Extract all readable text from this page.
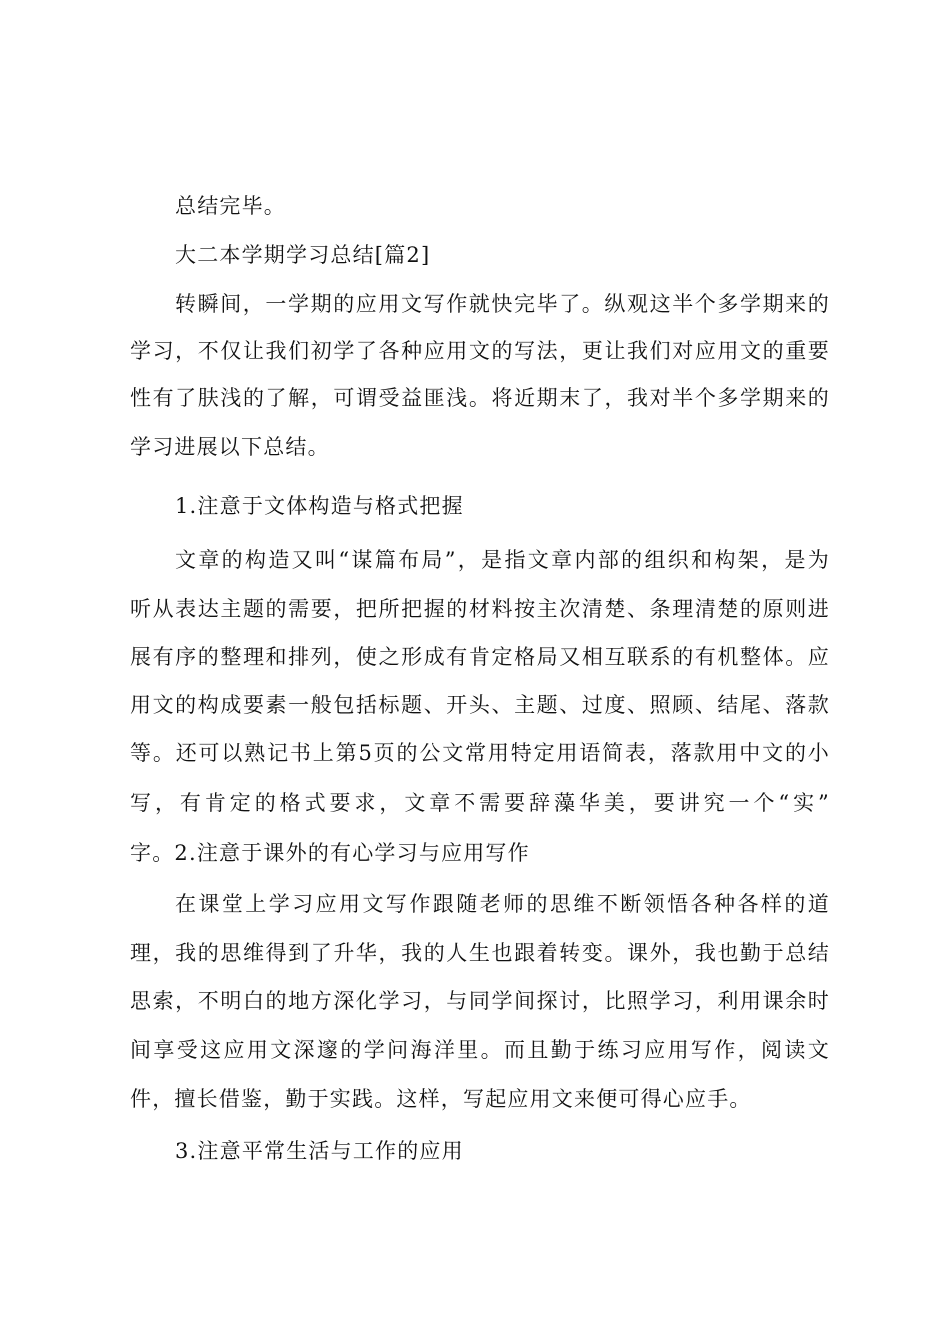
总结完毕。
大二本学期学习总结[篇2]
转瞬间，一学期的应用文写作就快完毕了。纵观这半个多学期来的
学习，不仅让我们初学了各种应用文的写法，更让我们对应用文的重要
性有了肤浅的了解，可谓受益匪浅。将近期末了，我对半个多学期来的
学习进展以下总结。
1.注意于文体构造与格式把握
文章的构造又叫“谋篇布局”，是指文章内部的组织和构架，是为
听从表达主题的需要，把所把握的材料按主次清楚、条理清楚的原则进
展有序的整理和排列，使之形成有肯定格局又相互联系的有机整体。应
用文的构成要素一般包括标题、开头、主题、过度、照顾、结尾、落款
等。还可以熟记书上第5页的公文常用特定用语简表，落款用中文的小
写，有肯定的格式要求，文章不需要辞藻华美，要讲究一个“实”
字。2.注意于课外的有心学习与应用写作
在课堂上学习应用文写作跟随老师的思维不断领悟各种各样的道
理，我的思维得到了升华，我的人生也跟着转变。课外，我也勤于总结
思索，不明白的地方深化学习，与同学间探讨，比照学习，利用课余时
间享受这应用文深邃的学问海洋里。而且勤于练习应用写作，阅读文
件，擅长借鉴，勤于实践。这样，写起应用文来便可得心应手。
3.注意平常生活与工作的应用
